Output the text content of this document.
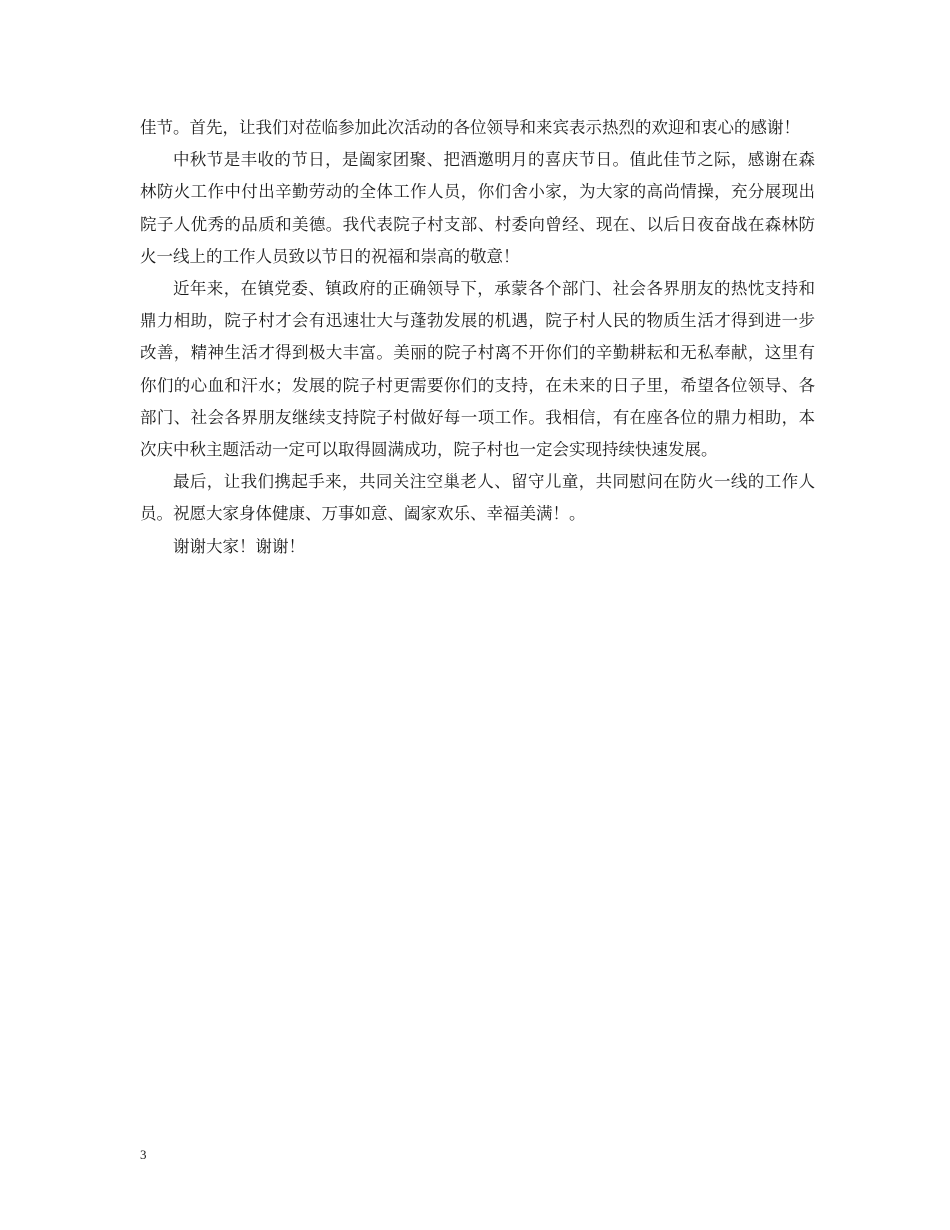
佳节。首先，让我们对莅临参加此次活动的各位领导和来宾表示热烈的欢迎和衷心的感谢！

中秋节是丰收的节日，是阖家团聚、把酒邀明月的喜庆节日。值此佳节之际，感谢在森林防火工作中付出辛勤劳动的全体工作人员，你们舍小家，为大家的高尚情操，充分展现出院子人优秀的品质和美德。我代表院子村支部、村委向曾经、现在、以后日夜奋战在森林防火一线上的工作人员致以节日的祝福和崇高的敬意！

近年来，在镇党委、镇政府的正确领导下，承蒙各个部门、社会各界朋友的热忱支持和鼎力相助，院子村才会有迅速壮大与蓬勃发展的机遇，院子村人民的物质生活才得到进一步改善，精神生活才得到极大丰富。美丽的院子村离不开你们的辛勤耕耘和无私奉献，这里有你们的心血和汗水；发展的院子村更需要你们的支持，在未来的日子里，希望各位领导、各部门、社会各界朋友继续支持院子村做好每一项工作。我相信，有在座各位的鼎力相助，本次庆中秋主题活动一定可以取得圆满成功，院子村也一定会实现持续快速发展。

最后，让我们携起手来，共同关注空巢老人、留守儿童，共同慰问在防火一线的工作人员。祝愿大家身体健康、万事如意、阖家欢乐、幸福美满！。

谢谢大家！谢谢！

3
